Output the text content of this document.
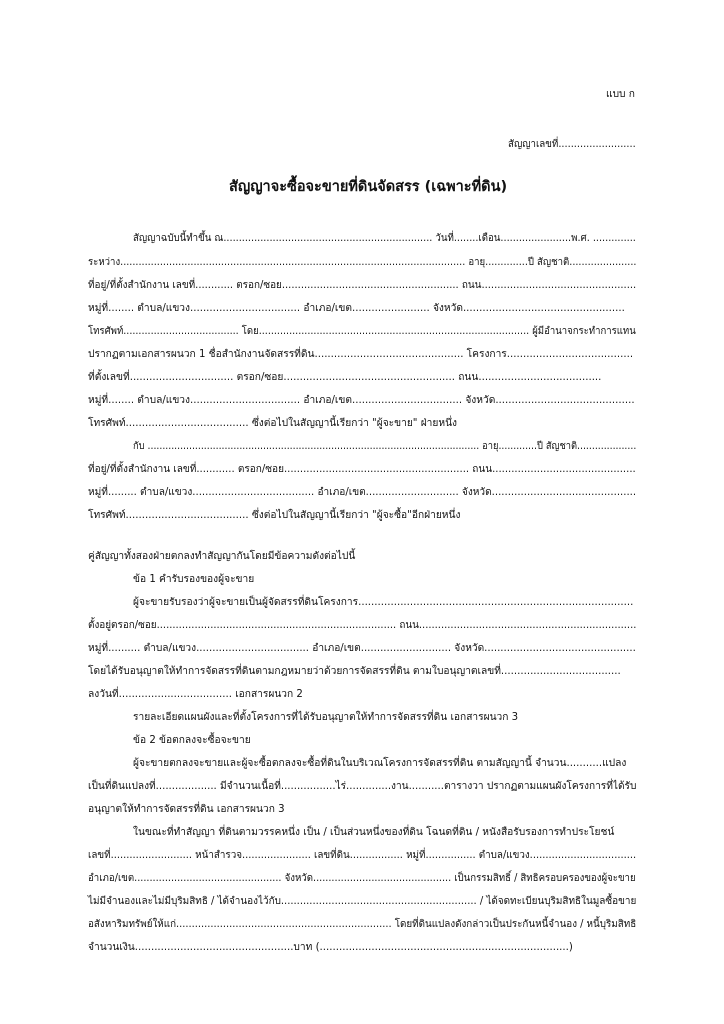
แบบ ก
สัญญาเลขที่.........................
สัญญาจะซื้อจะขายที่ดินจัดสรร (เฉพาะที่ดิน)
สัญญาฉบับนี้ทำขึ้น ณ.................................................................... วันที่........เดือน.......................พ.ศ. ..............
ระหว่าง................................................................................................................. อายุ..............ปี สัญชาติ......................
ที่อยู่/ที่ตั้งสำนักงาน เลขที่............ ตรอก/ซอย........................................................ ถนน.................................................
หมู่ที่........ ตำบล/แขวง.................................. อำเภอ/เขต........................ จังหวัด..................................................
โทรศัพท์...................................... โดย......................................................................................... ผู้มีอำนาจกระทำการแทน
ปรากฏตามเอกสารผนวก 1 ชื่อสำนักงานจัดสรรที่ดิน.............................................. โครงการ.......................................
ที่ตั้งเลขที่................................ ตรอก/ซอย..................................................... ถนน......................................
หมู่ที่........ ตำบล/แขวง.................................. อำเภอ/เขต.................................. จังหวัด...........................................
โทรศัพท์...................................... ซึ่งต่อไปในสัญญานี้เรียกว่า "ผู้จะขาย" ฝ่ายหนึ่ง
กับ ................................................................................................................ อายุ.............ปี สัญชาติ....................
ที่อยู่/ที่ตั้งสำนักงาน เลขที่............ ตรอก/ซอย.......................................................... ถนน.............................................
หมู่ที่......... ตำบล/แขวง...................................... อำเภอ/เขต............................. จังหวัด.............................................
โทรศัพท์...................................... ซึ่งต่อไปในสัญญานี้เรียกว่า "ผู้จะซื้อ"อีกฝ่ายหนึ่ง
คู่สัญญาทั้งสองฝ่ายตกลงทำสัญญากันโดยมีข้อความดังต่อไปนี้
ข้อ 1 คำรับรองของผู้จะขาย
ผู้จะขายรับรองว่าผู้จะขายเป็นผู้จัดสรรที่ดินโครงการ.....................................................................................
ตั้งอยู่ตรอก/ซอย............................................................................ ถนน.....................................................................
หมู่ที่.......... ตำบล/แขวง................................... อำเภอ/เขต............................ จังหวัด...............................................
โดยได้รับอนุญาตให้ทำการจัดสรรที่ดินตามกฎหมายว่าด้วยการจัดสรรที่ดิน ตามใบอนุญาตเลขที่.....................................
ลงวันที่................................... เอกสารผนวก 2
รายละเอียดแผนผังและที่ตั้งโครงการที่ได้รับอนุญาตให้ทำการจัดสรรที่ดิน เอกสารผนวก 3
ข้อ 2 ข้อตกลงจะซื้อจะขาย
ผู้จะขายตกลงจะขายและผู้จะซื้อตกลงจะซื้อที่ดินในบริเวณโครงการจัดสรรที่ดิน ตามสัญญานี้ จำนวน...........แปลง
เป็นที่ดินแปลงที่................... มีจำนวนเนื้อที่.................ไร่..............งาน...........ตารางวา ปรากฏตามแผนผังโครงการที่ได้รับ
อนุญาตให้ทำการจัดสรรที่ดิน เอกสารผนวก 3
ในขณะที่ทำสัญญา ที่ดินตามวรรคหนึ่ง เป็น / เป็นส่วนหนึ่งของที่ดิน โฉนดที่ดิน / หนังสือรับรองการทำประโยชน์
เลขที่.......................... หน้าสำรวจ...................... เลขที่ดิน................. หมู่ที่................ ตำบล/แขวง..................................
อำเภอ/เขต................................................ จังหวัด............................................. เป็นกรรมสิทธิ์ / สิทธิครอบครองของผู้จะขาย
ไม่มีจำนองและไม่มีบุริมสิทธิ / ได้จำนองไว้กับ.............................................................. / ได้จดทะเบียนบุริมสิทธิในมูลซื้อขาย
อสังหาริมทรัพย์ให้แก่..................................................................... โดยที่ดินแปลงดังกล่าวเป็นประกันหนี้จำนอง / หนี้บุริมสิทธิ
จำนวนเงิน.................................................บาท (.............................................................................)
